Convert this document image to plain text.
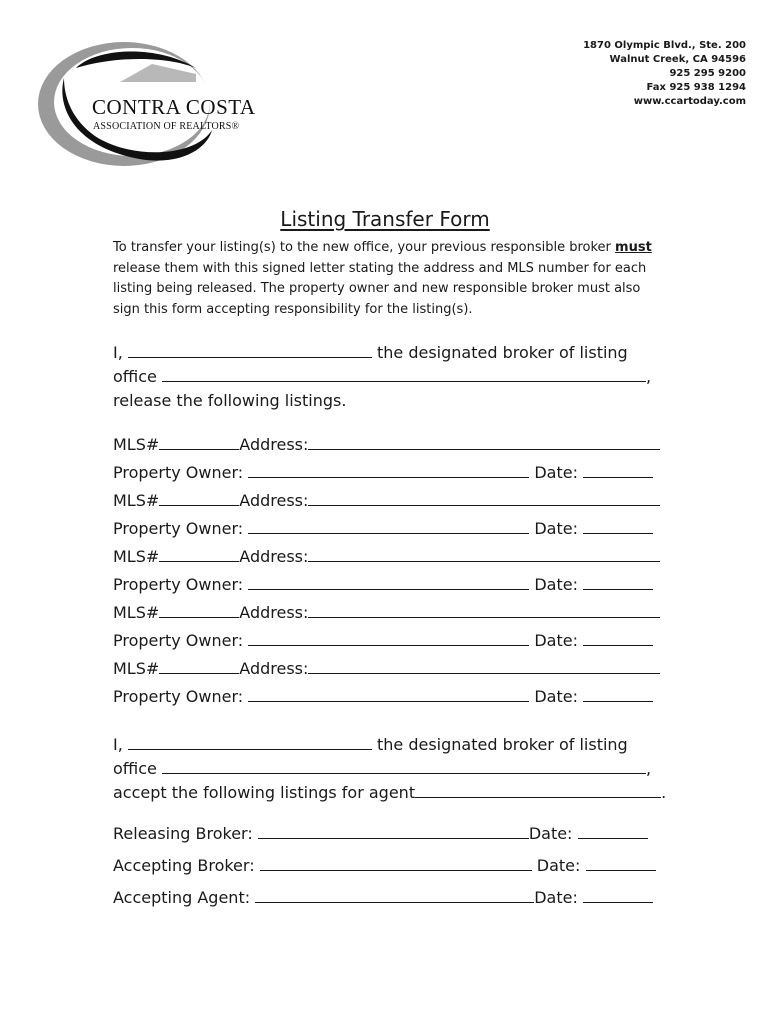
CONTRA COSTA
ASSOCIATION OF REALTORS®
1870 Olympic Blvd., Ste. 200
Walnut Creek, CA 94596
925 295 9200
Fax 925 938 1294
www.ccartoday.com
Listing Transfer Form
To transfer your listing(s) to the new office, your previous responsible broker must
release them with this signed letter stating the address and MLS number for each
listing being released. The property owner and new responsible broker must also
sign this form accepting responsibility for the listing(s).
I,	the designated broker of listing
office	,
release the following listings.
MLS#	Address:
Property Owner:	Date:
MLS#	Address:
Property Owner:	Date:
MLS#	Address:
Property Owner:	Date:
MLS#	Address:
Property Owner:	Date:
MLS#	Address:
Property Owner:	Date:
I,	the designated broker of listing
office	,
accept the following listings for agent	.
Releasing Broker:	Date:
Accepting Broker:	Date:
Accepting Agent:	Date:
